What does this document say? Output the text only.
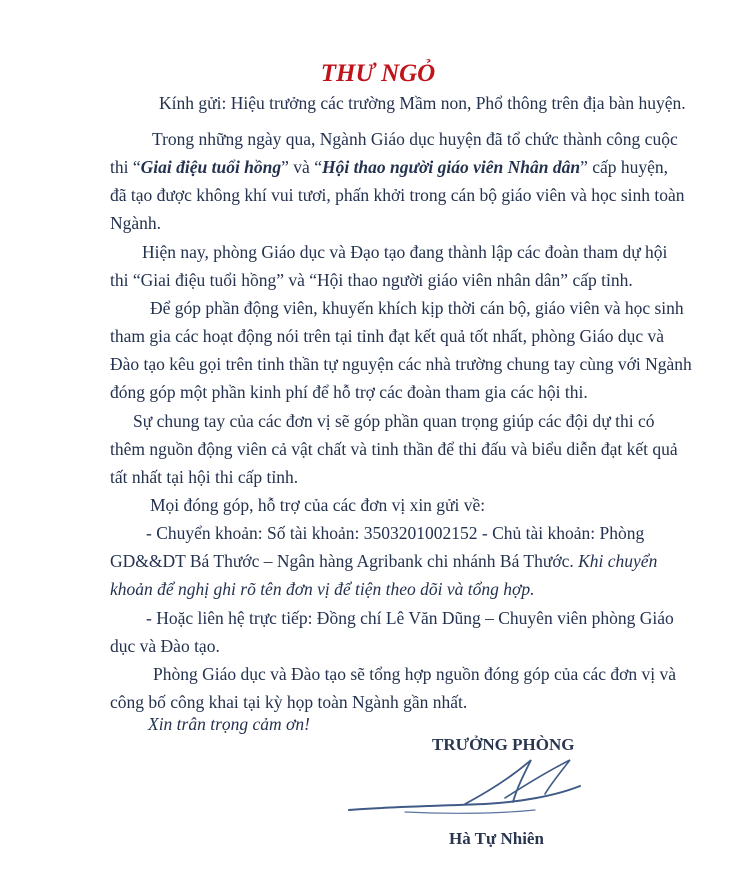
THƯ NGỎ

Kính gửi: Hiệu trưởng các trường Mầm non, Phổ thông trên địa bàn huyện.

Trong những ngày qua, Ngành Giáo dục huyện đã tổ chức thành công cuộc

thi “Giai điệu tuổi hồng” và “Hội thao người giáo viên Nhân dân” cấp huyện,

đã tạo được không khí vui tươi, phấn khởi trong cán bộ giáo viên và học sinh toàn

Ngành.

Hiện nay, phòng Giáo dục và Đạo tạo đang thành lập các đoàn tham dự hội

thi “Giai điệu tuổi hồng” và “Hội thao người giáo viên nhân dân” cấp tỉnh.

Để góp phần động viên, khuyến khích kịp thời cán bộ, giáo viên và học sinh

tham gia các hoạt động nói trên tại tỉnh đạt kết quả tốt nhất, phòng Giáo dục và

Đào tạo kêu gọi trên tinh thần tự nguyện các nhà trường chung tay cùng với Ngành

đóng góp một phần kinh phí để hỗ trợ các đoàn tham gia các hội thi.

Sự chung tay của các đơn vị sẽ góp phần quan trọng giúp các đội dự thi có

thêm nguồn động viên cả vật chất và tinh thần để thi đấu và biểu diễn đạt kết quả

tất nhất tại hội thi cấp tỉnh.

Mọi đóng góp, hỗ trợ của các đơn vị xin gửi về:

- Chuyển khoản: Số tài khoản: 3503201002152 - Chủ tài khoản: Phòng

GD&&DT Bá Thước – Ngân hàng Agribank chi nhánh Bá Thước. Khi chuyển

khoản để nghị ghi rõ tên đơn vị để tiện theo dõi và tổng hợp.

- Hoặc liên hệ trực tiếp: Đồng chí Lê Văn Dũng – Chuyên viên phòng Giáo

dục và Đào tạo.

Phòng Giáo dục và Đào tạo sẽ tổng hợp nguồn đóng góp của các đơn vị và

công bố công khai tại kỳ họp toàn Ngành gần nhất.

Xin trân trọng cảm ơn!

TRƯỞNG PHÒNG
Hà Tự Nhiên
